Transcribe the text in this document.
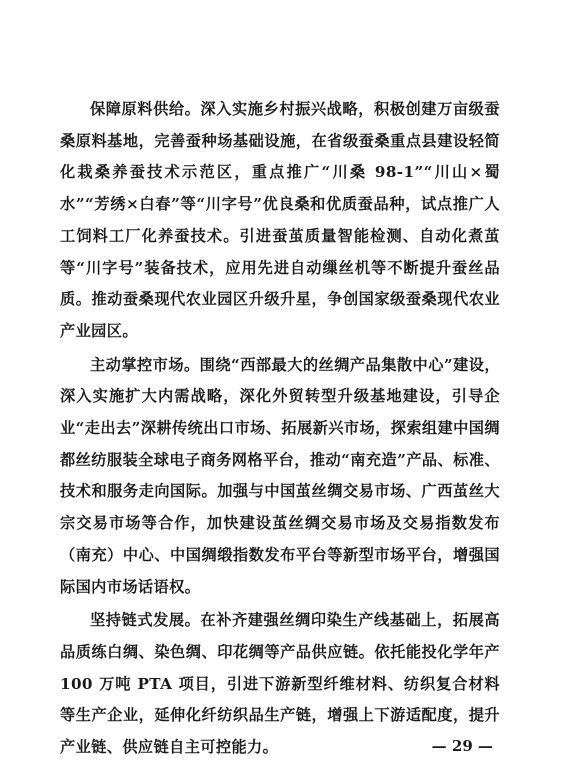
保障原料供给。深入实施乡村振兴战略，积极创建万亩级蚕桑原料基地，完善蚕种场基础设施，在省级蚕桑重点县建设轻简化栽桑养蚕技术示范区，重点推广“川桑 98-1”“川山×蜀水”“芳绣×白春”等“川字号”优良桑和优质蚕品种，试点推广人工饲料工厂化养蚕技术。引进蚕茧质量智能检测、自动化煮茧等“川字号”装备技术，应用先进自动缫丝机等不断提升蚕丝品质。推动蚕桑现代农业园区升级升星，争创国家级蚕桑现代农业产业园区。

主动掌控市场。围绕“西部最大的丝绸产品集散中心”建设，深入实施扩大内需战略，深化外贸转型升级基地建设，引导企业“走出去”深耕传统出口市场、拓展新兴市场，探索组建中国绸都丝纺服装全球电子商务网格平台，推动“南充造”产品、标准、技术和服务走向国际。加强与中国茧丝绸交易市场、广西茧丝大宗交易市场等合作，加快建设茧丝绸交易市场及交易指数发布（南充）中心、中国绸缎指数发布平台等新型市场平台，增强国际国内市场话语权。

坚持链式发展。在补齐建强丝绸印染生产线基础上，拓展高品质练白绸、染色绸、印花绸等产品供应链。依托能投化学年产 100 万吨 PTA 项目，引进下游新型纤维材料、纺织复合材料等生产企业，延伸化纤纺织品生产链，增强上下游适配度，提升产业链、供应链自主可控能力。	— 29 —
